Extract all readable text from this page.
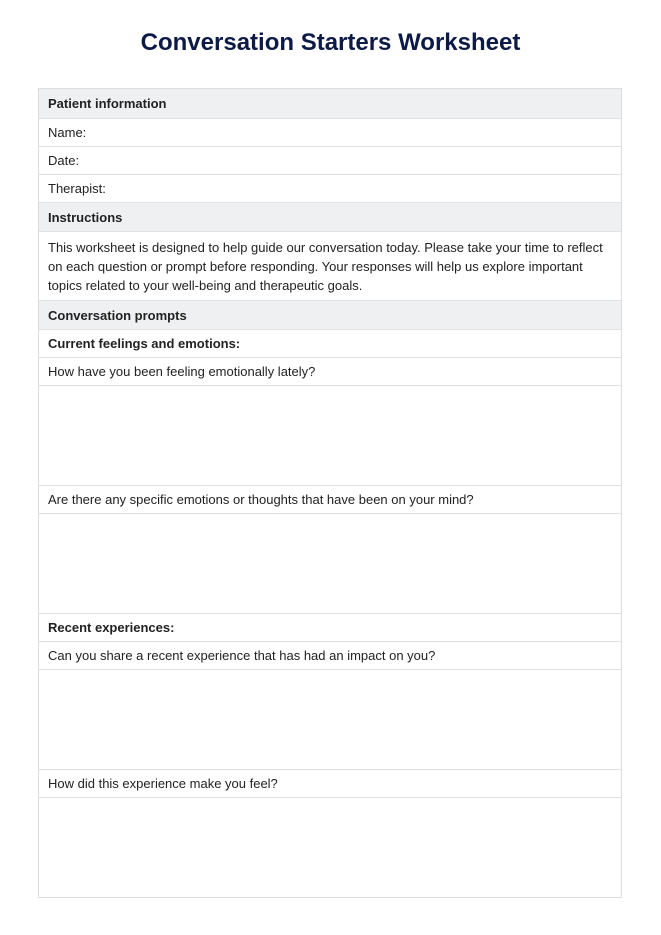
Conversation Starters Worksheet
Patient information
Name:
Date:
Therapist:
Instructions
This worksheet is designed to help guide our conversation today. Please take your time to reflect on each question or prompt before responding. Your responses will help us explore important topics related to your well-being and therapeutic goals.
Conversation prompts
Current feelings and emotions:
How have you been feeling emotionally lately?
Are there any specific emotions or thoughts that have been on your mind?
Recent experiences:
Can you share a recent experience that has had an impact on you?
How did this experience make you feel?
